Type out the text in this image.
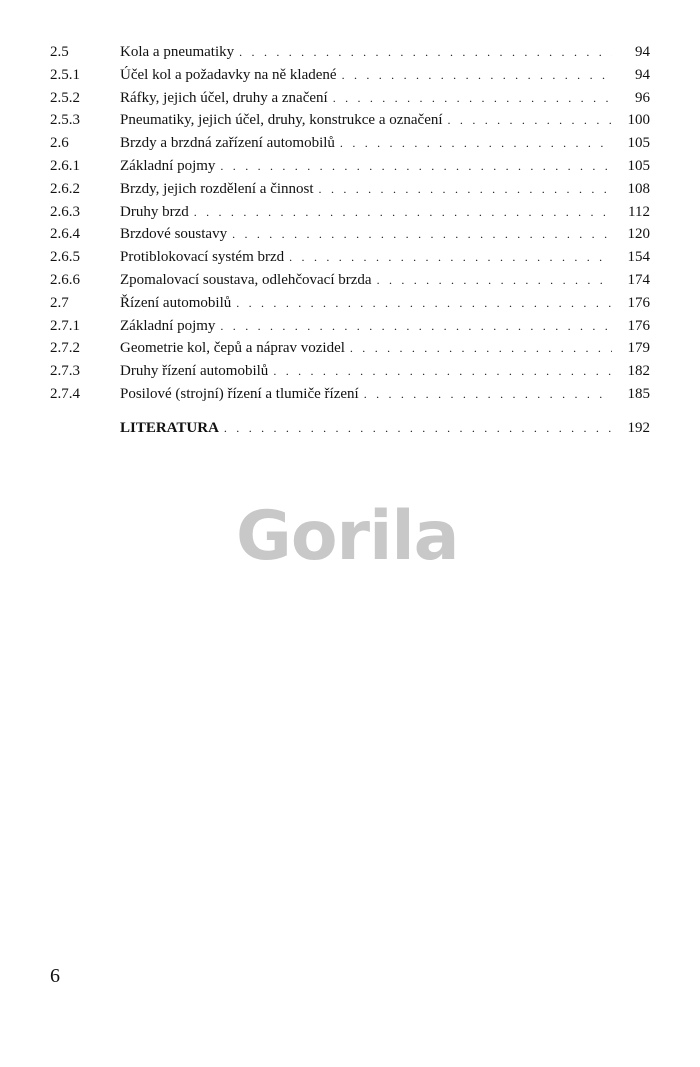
2.5	Kola a pneumatiky . . .	94
2.5.1	Účel kol a požadavky na ně kladené . . .	94
2.5.2	Ráfky, jejich účel, druhy a značení . . .	96
2.5.3	Pneumatiky, jejich účel, druhy, konstrukce a označení . . .	100
2.6	Brzdy a brzdná zařízení automobilů . . .	105
2.6.1	Základní pojmy . . .	105
2.6.2	Brzdy, jejich rozdělení a činnost . . .	108
2.6.3	Druhy brzd . . .	112
2.6.4	Brzdové soustavy . . .	120
2.6.5	Protiblokovací systém brzd . . .	154
2.6.6	Zpomalovací soustava, odlehčovací brzda . . .	174
2.7	Řízení automobilů . . .	176
2.7.1	Základní pojmy . . .	176
2.7.2	Geometrie kol, čepů a náprav vozidel . . .	179
2.7.3	Druhy řízení automobilů . . .	182
2.7.4	Posilové (strojní) řízení a tlumiče řízení . . .	185
LITERATURA . . .	192
Gorila
6
